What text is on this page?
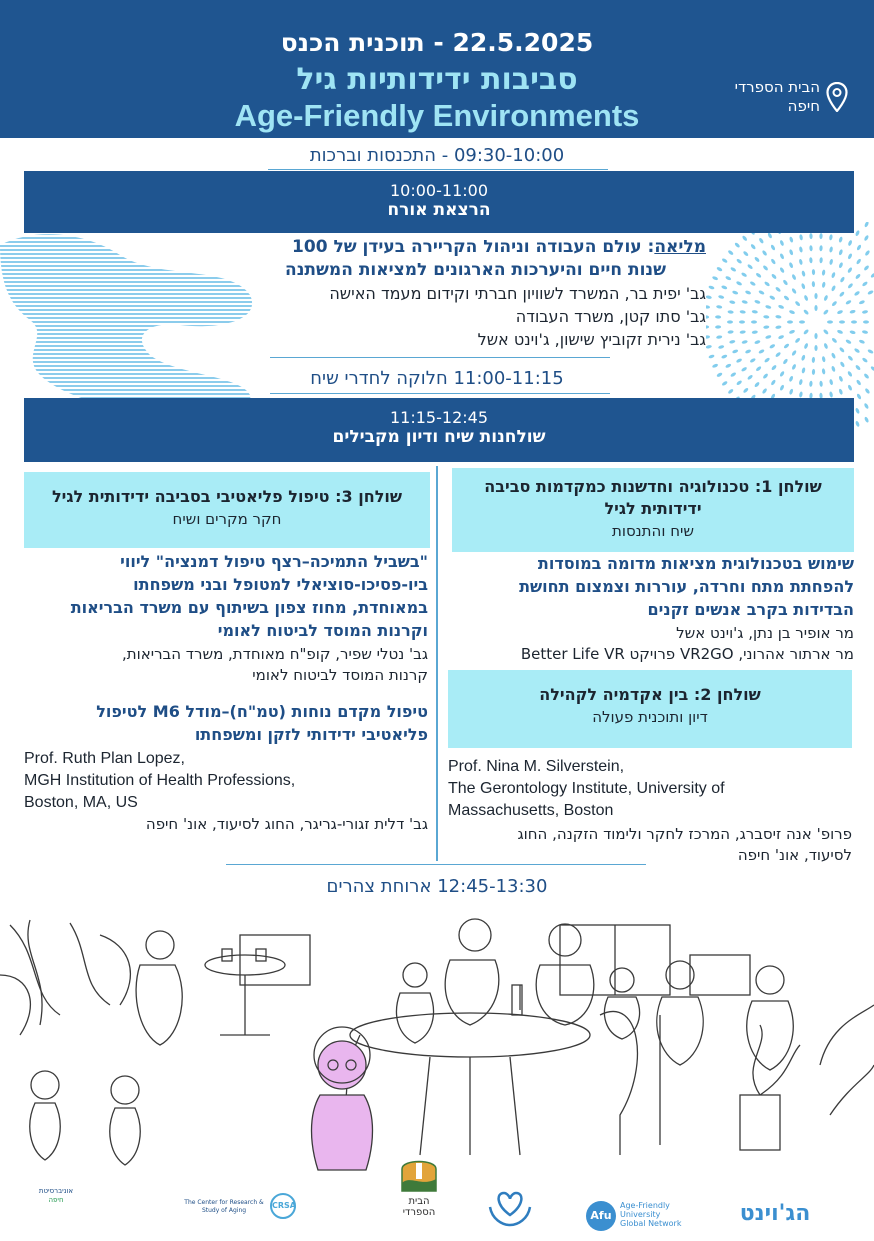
22.5.2025 - תוכנית הכנס
סביבות ידידותיות גיל
Age-Friendly Environments
הבית הספרדי
חיפה
09:30-10:00 - התכנסות וברכות
10:00-11:00
הרצאת אורח
מליאה: עולם העבודה וניהול הקריירה בעידן של 100
שנות חיים והיערכות הארגונים למציאות המשתנה
גב' יפית בר, המשרד לשוויון חברתי וקידום מעמד האישה
גב' סתו קטן, משרד העבודה
גב' נירית זקוביץ שישון, ג'וינט אשל
11:00-11:15 חלוקה לחדרי שיח
11:15-12:45
שולחנות שיח ודיון מקבילים
שולחן 1: טכנולוגיה וחדשנות כמקדמות סביבה ידידותית לגיל
שיח והתנסות
שימוש בטכנולוגית מציאות מדומה במוסדות
להפחתת מתח וחרדה, עוררות וצמצום תחושת
הבדידות בקרב אנשים זקנים
מר אופיר בן נתן, ג'וינט אשל
מר ארתור אהרוני, VR2GO פרויקט Better Life VR
שולחן 2: בין אקדמיה לקהילה
דיון ותוכנית פעולה
Prof. Nina M. Silverstein,
The Gerontology Institute, University of
Massachusetts, Boston
פרופ' אנה זיסברג, המרכז לחקר ולימוד הזקנה, החוג
לסיעוד, אונ' חיפה
שולחן 3: טיפול פליאטיבי בסביבה ידידותית לגיל
חקר מקרים ושיח
"בשביל התמיכה–רצף טיפול דמנציה" ליווי
ביו-פסיכו-סוציאלי למטופל ובני משפחתו
במאוחדת, מחוז צפון בשיתוף עם משרד הבריאות
וקרנות המוסד לביטוח לאומי
גב' נטלי שפיר, קופ"ח מאוחדת, משרד הבריאות,
קרנות המוסד לביטוח לאומי
טיפול מקדם נוחות (טמ"ח)–מודל M6 לטיפול
פליאטיבי ידידותי לזקן ומשפחתו
Prof. Ruth Plan Lopez,
MGH Institution of Health Professions,
Boston, MA, US
גב' דלית זגורי-גריגר, החוג לסיעוד, אונ' חיפה
12:45-13:30 ארוחת צהרים
אוניברסיטת
חיפה	The Center for Research & Study of Aging
CRSA	הבית
הספרדי	Afu
Age-Friendly
University
Global Network	הג'וינט
